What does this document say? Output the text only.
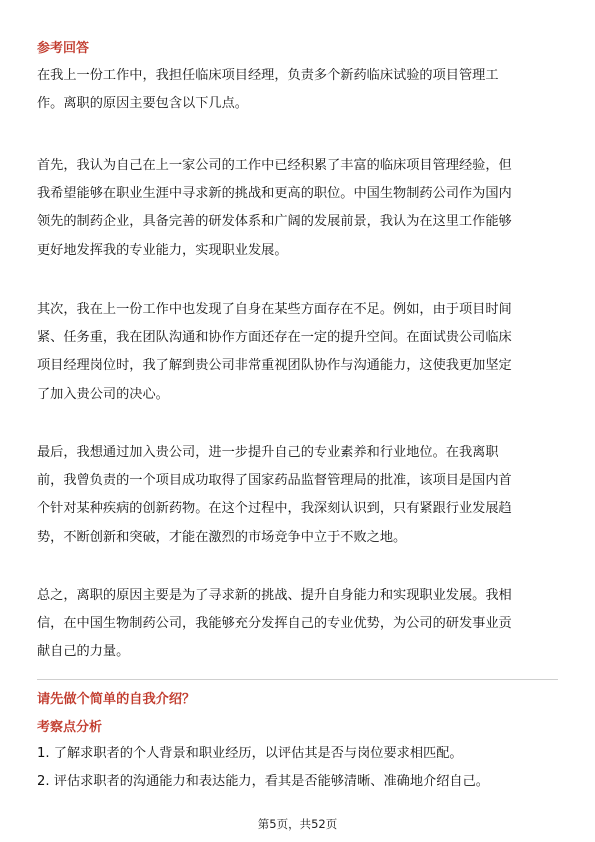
参考回答
在我上一份工作中，我担任临床项目经理，负责多个新药临床试验的项目管理工
作。离职的原因主要包含以下几点。
首先，我认为自己在上一家公司的工作中已经积累了丰富的临床项目管理经验，但
我希望能够在职业生涯中寻求新的挑战和更高的职位。中国生物制药公司作为国内
领先的制药企业，具备完善的研发体系和广阔的发展前景，我认为在这里工作能够
更好地发挥我的专业能力，实现职业发展。
其次，我在上一份工作中也发现了自身在某些方面存在不足。例如，由于项目时间
紧、任务重，我在团队沟通和协作方面还存在一定的提升空间。在面试贵公司临床
项目经理岗位时，我了解到贵公司非常重视团队协作与沟通能力，这使我更加坚定
了加入贵公司的决心。
最后，我想通过加入贵公司，进一步提升自己的专业素养和行业地位。在我离职
前，我曾负责的一个项目成功取得了国家药品监督管理局的批准，该项目是国内首
个针对某种疾病的创新药物。在这个过程中，我深刻认识到，只有紧跟行业发展趋
势，不断创新和突破，才能在激烈的市场竞争中立于不败之地。
总之，离职的原因主要是为了寻求新的挑战、提升自身能力和实现职业发展。我相
信，在中国生物制药公司，我能够充分发挥自己的专业优势，为公司的研发事业贡
献自己的力量。
请先做个简单的自我介绍？
考察点分析
1. 了解求职者的个人背景和职业经历，以评估其是否与岗位要求相匹配。
2. 评估求职者的沟通能力和表达能力，看其是否能够清晰、准确地介绍自己。
第5页，共52页
